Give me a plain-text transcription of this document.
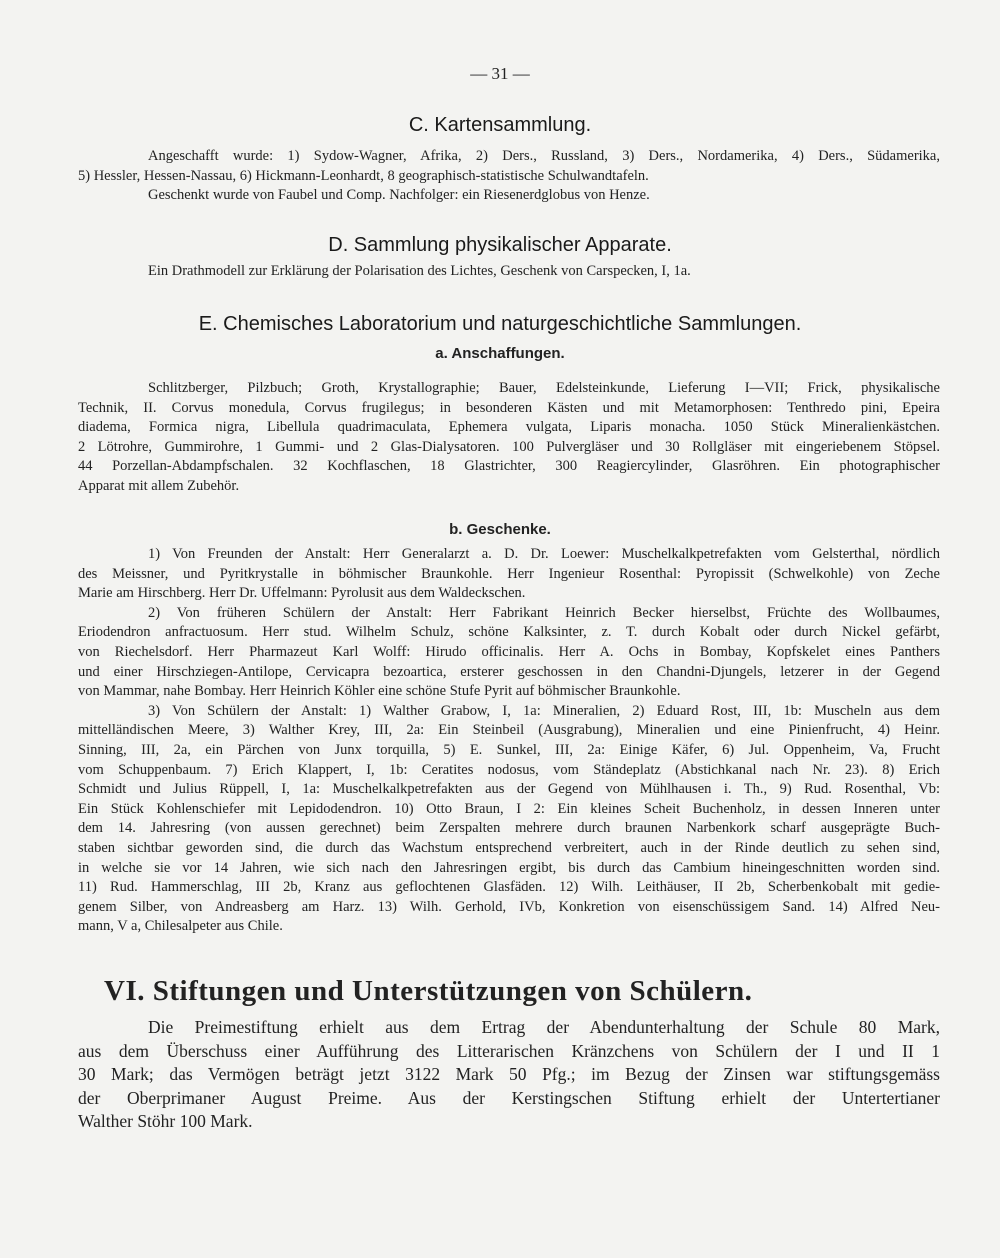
— 31 —
C. Kartensammlung.
Angeschafft wurde: 1) Sydow-Wagner, Afrika, 2) Ders., Russland, 3) Ders., Nordamerika, 4) Ders., Südamerika,
5) Hessler, Hessen-Nassau, 6) Hickmann-Leonhardt, 8 geographisch-statistische Schulwandtafeln.
Geschenkt wurde von Faubel und Comp. Nachfolger: ein Riesenerdglobus von Henze.
D. Sammlung physikalischer Apparate.
Ein Drathmodell zur Erklärung der Polarisation des Lichtes, Geschenk von Carspecken, I, 1a.
E. Chemisches Laboratorium und naturgeschichtliche Sammlungen.
a. Anschaffungen.
Schlitzberger, Pilzbuch; Groth, Krystallographie; Bauer, Edelsteinkunde, Lieferung I—VII; Frick, physikalische
Technik, II. Corvus monedula, Corvus frugilegus; in besonderen Kästen und mit Metamorphosen: Tenthredo pini, Epeira
diadema, Formica nigra, Libellula quadrimaculata, Ephemera vulgata, Liparis monacha. 1050 Stück Mineralienkästchen.
2 Lötrohre, Gummirohre, 1 Gummi- und 2 Glas-Dialysatoren. 100 Pulvergläser und 30 Rollgläser mit eingeriebenem Stöpsel.
44 Porzellan-Abdampfschalen. 32 Kochflaschen, 18 Glastrichter, 300 Reagiercylinder, Glasröhren. Ein photographischer
Apparat mit allem Zubehör.
b. Geschenke.
1) Von Freunden der Anstalt: Herr Generalarzt a. D. Dr. Loewer: Muschelkalkpetrefakten vom Gelsterthal, nördlich
des Meissner, und Pyritkrystalle in böhmischer Braunkohle. Herr Ingenieur Rosenthal: Pyropissit (Schwelkohle) von Zeche
Marie am Hirschberg. Herr Dr. Uffelmann: Pyrolusit aus dem Waldeckschen.
2) Von früheren Schülern der Anstalt: Herr Fabrikant Heinrich Becker hierselbst, Früchte des Wollbaumes,
Eriodendron anfractuosum. Herr stud. Wilhelm Schulz, schöne Kalksinter, z. T. durch Kobalt oder durch Nickel gefärbt,
von Riechelsdorf. Herr Pharmazeut Karl Wolff: Hirudo officinalis. Herr A. Ochs in Bombay, Kopfskelet eines Panthers
und einer Hirschziegen-Antilope, Cervicapra bezoartica, ersterer geschossen in den Chandni-Djungels, letzerer in der Gegend
von Mammar, nahe Bombay. Herr Heinrich Köhler eine schöne Stufe Pyrit auf böhmischer Braunkohle.
3) Von Schülern der Anstalt: 1) Walther Grabow, I, 1a: Mineralien, 2) Eduard Rost, III, 1b: Muscheln aus dem
mittelländischen Meere, 3) Walther Krey, III, 2a: Ein Steinbeil (Ausgrabung), Mineralien und eine Pinienfrucht, 4) Heinr.
Sinning, III, 2a, ein Pärchen von Junx torquilla, 5) E. Sunkel, III, 2a: Einige Käfer, 6) Jul. Oppenheim, Va, Frucht
vom Schuppenbaum. 7) Erich Klappert, I, 1b: Ceratites nodosus, vom Ständeplatz (Abstichkanal nach Nr. 23). 8) Erich
Schmidt und Julius Rüppell, I, 1a: Muschelkalkpetrefakten aus der Gegend von Mühlhausen i. Th., 9) Rud. Rosenthal, Vb:
Ein Stück Kohlenschiefer mit Lepidodendron. 10) Otto Braun, I 2: Ein kleines Scheit Buchenholz, in dessen Inneren unter
dem 14. Jahresring (von aussen gerechnet) beim Zerspalten mehrere durch braunen Narbenkork scharf ausgeprägte Buch-
staben sichtbar geworden sind, die durch das Wachstum entsprechend verbreitert, auch in der Rinde deutlich zu sehen sind,
in welche sie vor 14 Jahren, wie sich nach den Jahresringen ergibt, bis durch das Cambium hineingeschnitten worden sind.
11) Rud. Hammerschlag, III 2b, Kranz aus geflochtenen Glasfäden. 12) Wilh. Leithäuser, II 2b, Scherbenkobalt mit gedie-
genem Silber, von Andreasberg am Harz. 13) Wilh. Gerhold, IVb, Konkretion von eisenschüssigem Sand. 14) Alfred Neu-
mann, V a, Chilesalpeter aus Chile.
VI. Stiftungen und Unterstützungen von Schülern.
Die Preimestiftung erhielt aus dem Ertrag der Abendunterhaltung der Schule 80 Mark,
aus dem Überschuss einer Aufführung des Litterarischen Kränzchens von Schülern der I und II 1
30 Mark; das Vermögen beträgt jetzt 3122 Mark 50 Pfg.; im Bezug der Zinsen war stiftungsgemäss
der Oberprimaner August Preime. Aus der Kerstingschen Stiftung erhielt der Untertertianer
Walther Stöhr 100 Mark.
